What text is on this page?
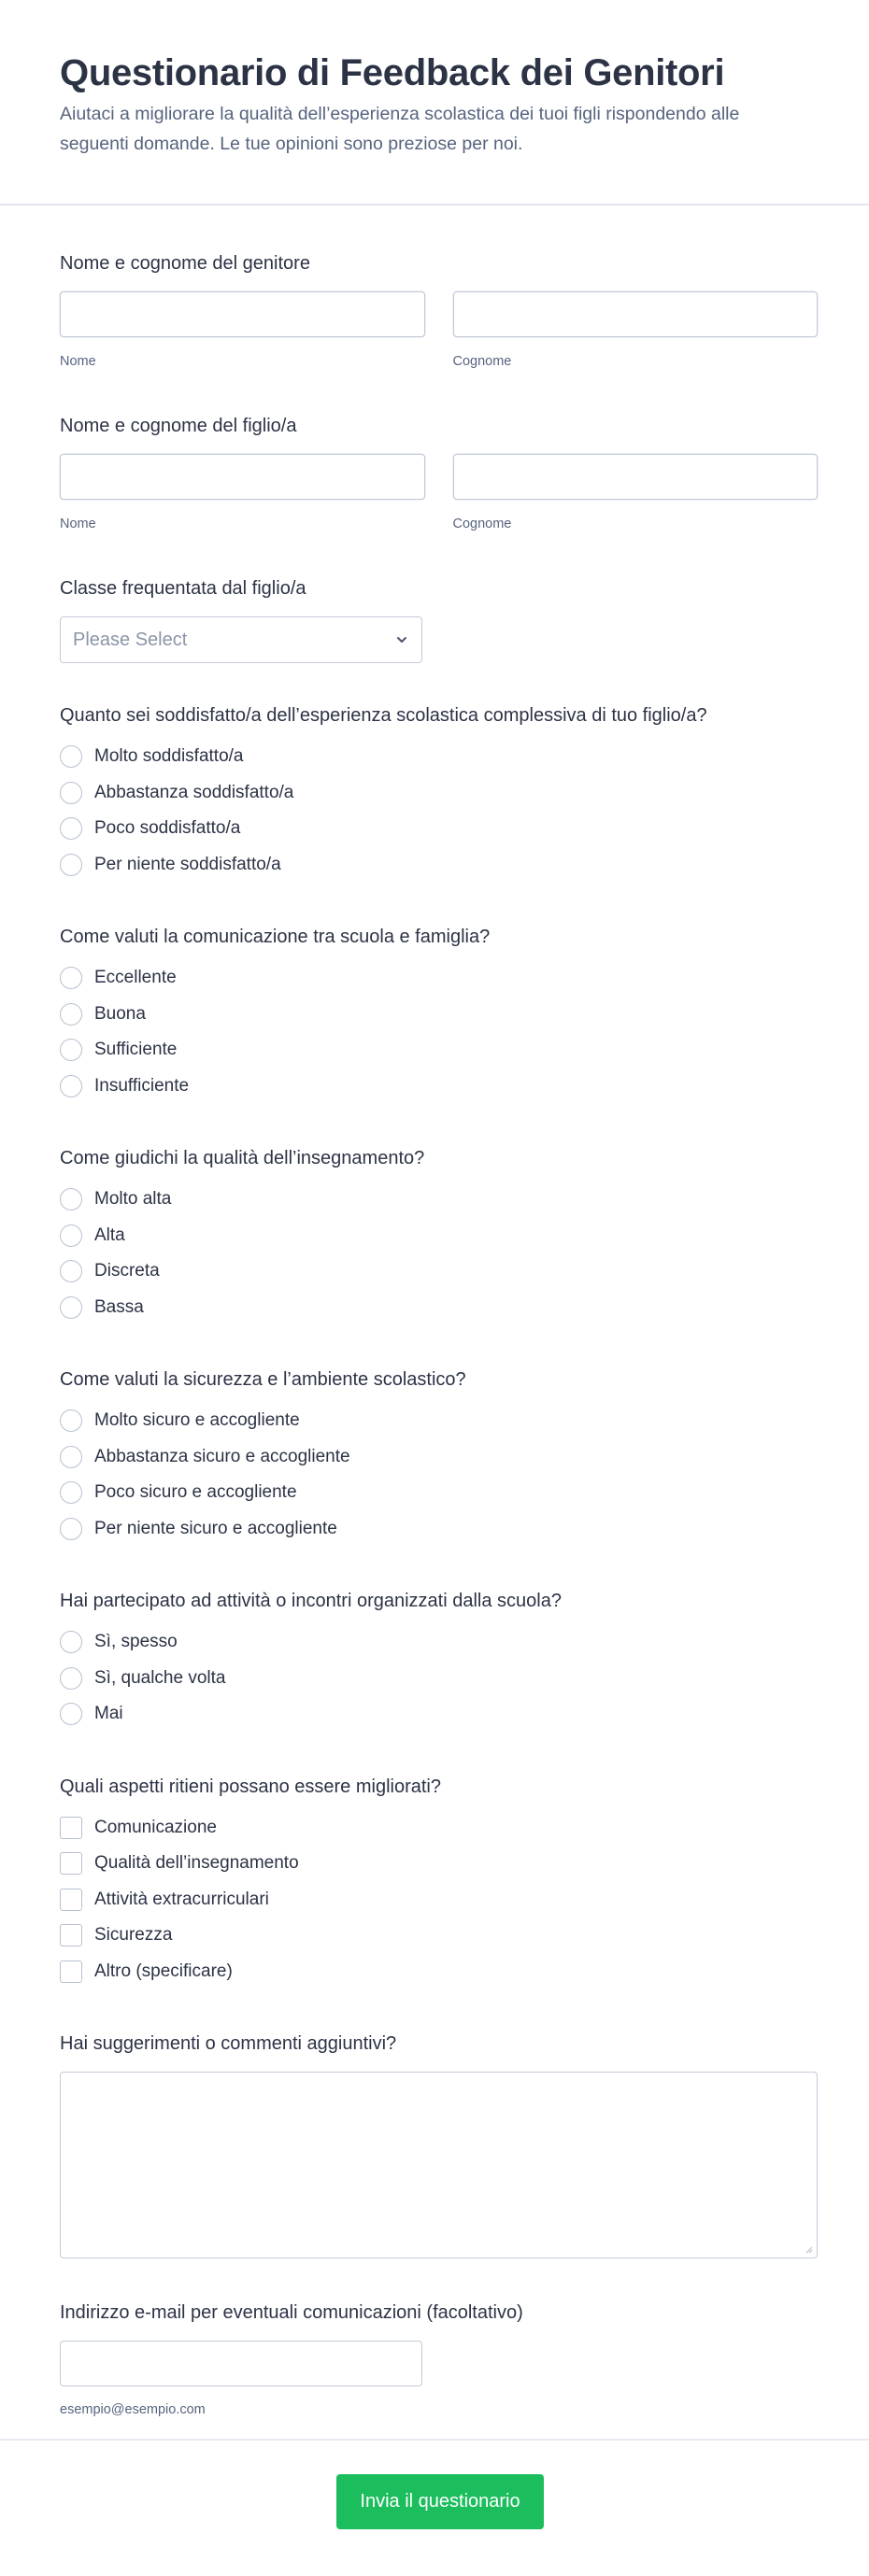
Questionario di Feedback dei Genitori

Aiutaci a migliorare la qualità dell’esperienza scolastica dei tuoi figli rispondendo alle seguenti domande. Le tue opinioni sono preziose per noi.

Nome e cognome del genitore
Nome	Cognome
Nome e cognome del figlio/a
Nome	Cognome
Classe frequentata dal figlio/a
Please Select
Quanto sei soddisfatto/a dell’esperienza scolastica complessiva di tuo figlio/a?
Molto soddisfatto/a
Abbastanza soddisfatto/a
Poco soddisfatto/a
Per niente soddisfatto/a
Come valuti la comunicazione tra scuola e famiglia?
Eccellente
Buona
Sufficiente
Insufficiente
Come giudichi la qualità dell’insegnamento?
Molto alta
Alta
Discreta
Bassa
Come valuti la sicurezza e l’ambiente scolastico?
Molto sicuro e accogliente
Abbastanza sicuro e accogliente
Poco sicuro e accogliente
Per niente sicuro e accogliente
Hai partecipato ad attività o incontri organizzati dalla scuola?
Sì, spesso
Sì, qualche volta
Mai
Quali aspetti ritieni possano essere migliorati?
Comunicazione
Qualità dell’insegnamento
Attività extracurriculari
Sicurezza
Altro (specificare)
Hai suggerimenti o commenti aggiuntivi?
Indirizzo e-mail per eventuali comunicazioni (facoltativo)
esempio@esempio.com
Invia il questionario
